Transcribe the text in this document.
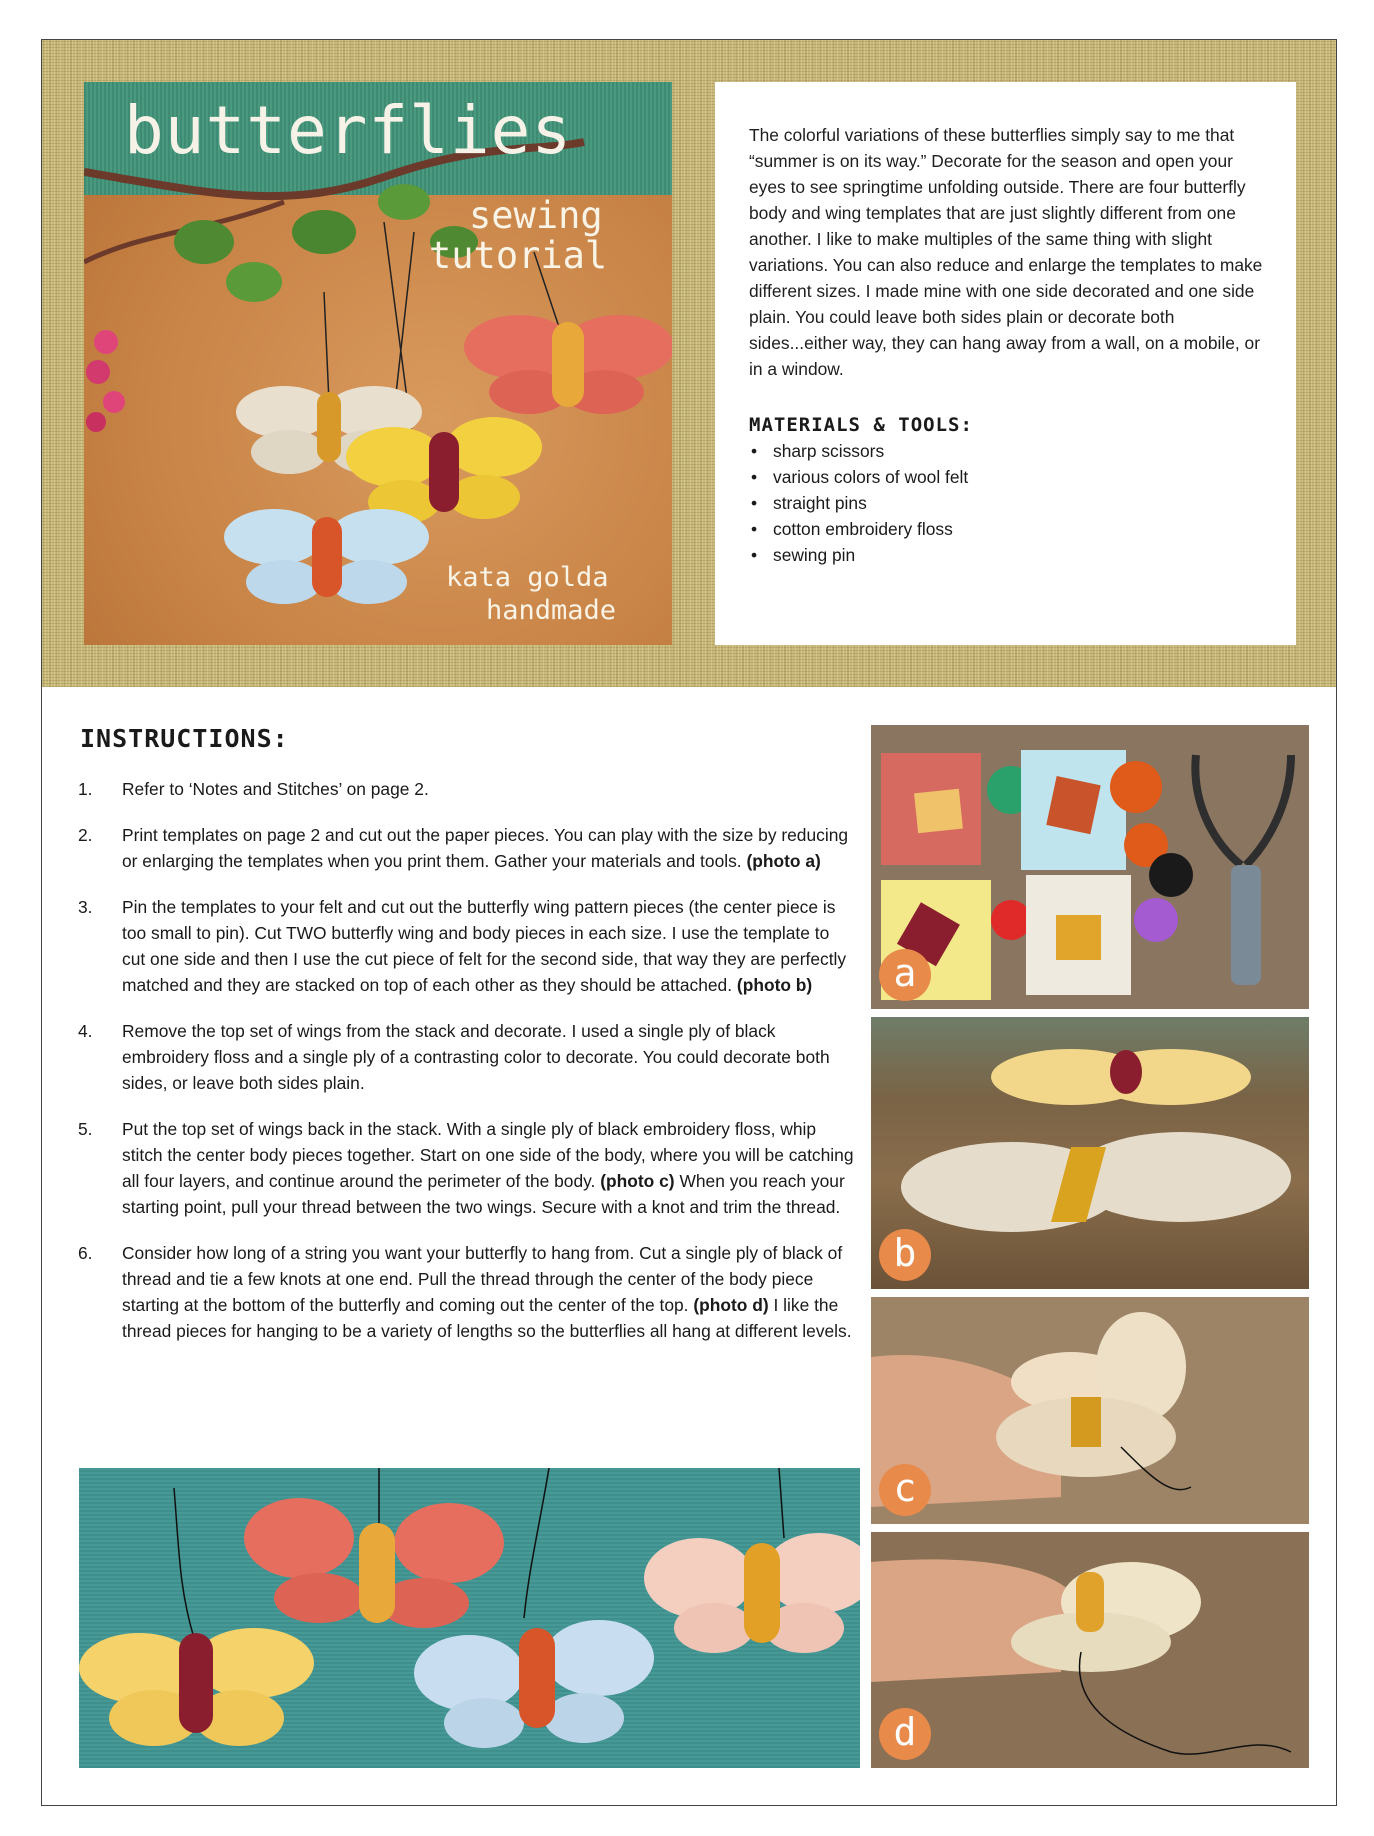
butterflies
sewing
tutorial
kata golda
handmade

The colorful variations of these butterflies simply say to me that “summer is on its way.” Decorate for the season and open your eyes to see springtime unfolding outside. There are four butterfly body and wing templates that are just slightly different from one another. I like to make multiples of the same thing with slight variations. You can also reduce and enlarge the templates to make different sizes. I made mine with one side decorated and one side plain. You could leave both sides plain or decorate both sides...either way, they can hang away from a wall, on a mobile, or in a window.

MATERIALS & TOOLS:
• sharp scissors
• various colors of wool felt
• straight pins
• cotton embroidery floss
• sewing pin
INSTRUCTIONS:
1. Refer to ‘Notes and Stitches’ on page 2.
2. Print templates on page 2 and cut out the paper pieces. You can play with the size by reducing or enlarging the templates when you print them. Gather your materials and tools. (photo a)
3. Pin the templates to your felt and cut out the butterfly wing pattern pieces (the center piece is too small to pin). Cut TWO butterfly wing and body pieces in each size. I use the template to cut one side and then I use the cut piece of felt for the second side, that way they are perfectly matched and they are stacked on top of each other as they should be attached. (photo b)
4. Remove the top set of wings from the stack and decorate. I used a single ply of black embroidery floss and a single ply of a contrasting color to decorate. You could decorate both sides, or leave both sides plain.
5. Put the top set of wings back in the stack. With a single ply of black embroidery floss, whip stitch the center body pieces together. Start on one side of the body, where you will be catching all four layers, and continue around the perimeter of the body. (photo c) When you reach your starting point, pull your thread between the two wings. Secure with a knot and trim the thread.
6. Consider how long of a string you want your butterfly to hang from. Cut a single ply of black of thread and tie a few knots at one end. Pull the thread through the center of the body piece starting at the bottom of the butterfly and coming out the center of the top. (photo d) I like the thread pieces for hanging to be a variety of lengths so the butterflies all hang at different levels.
a
b
c
d
